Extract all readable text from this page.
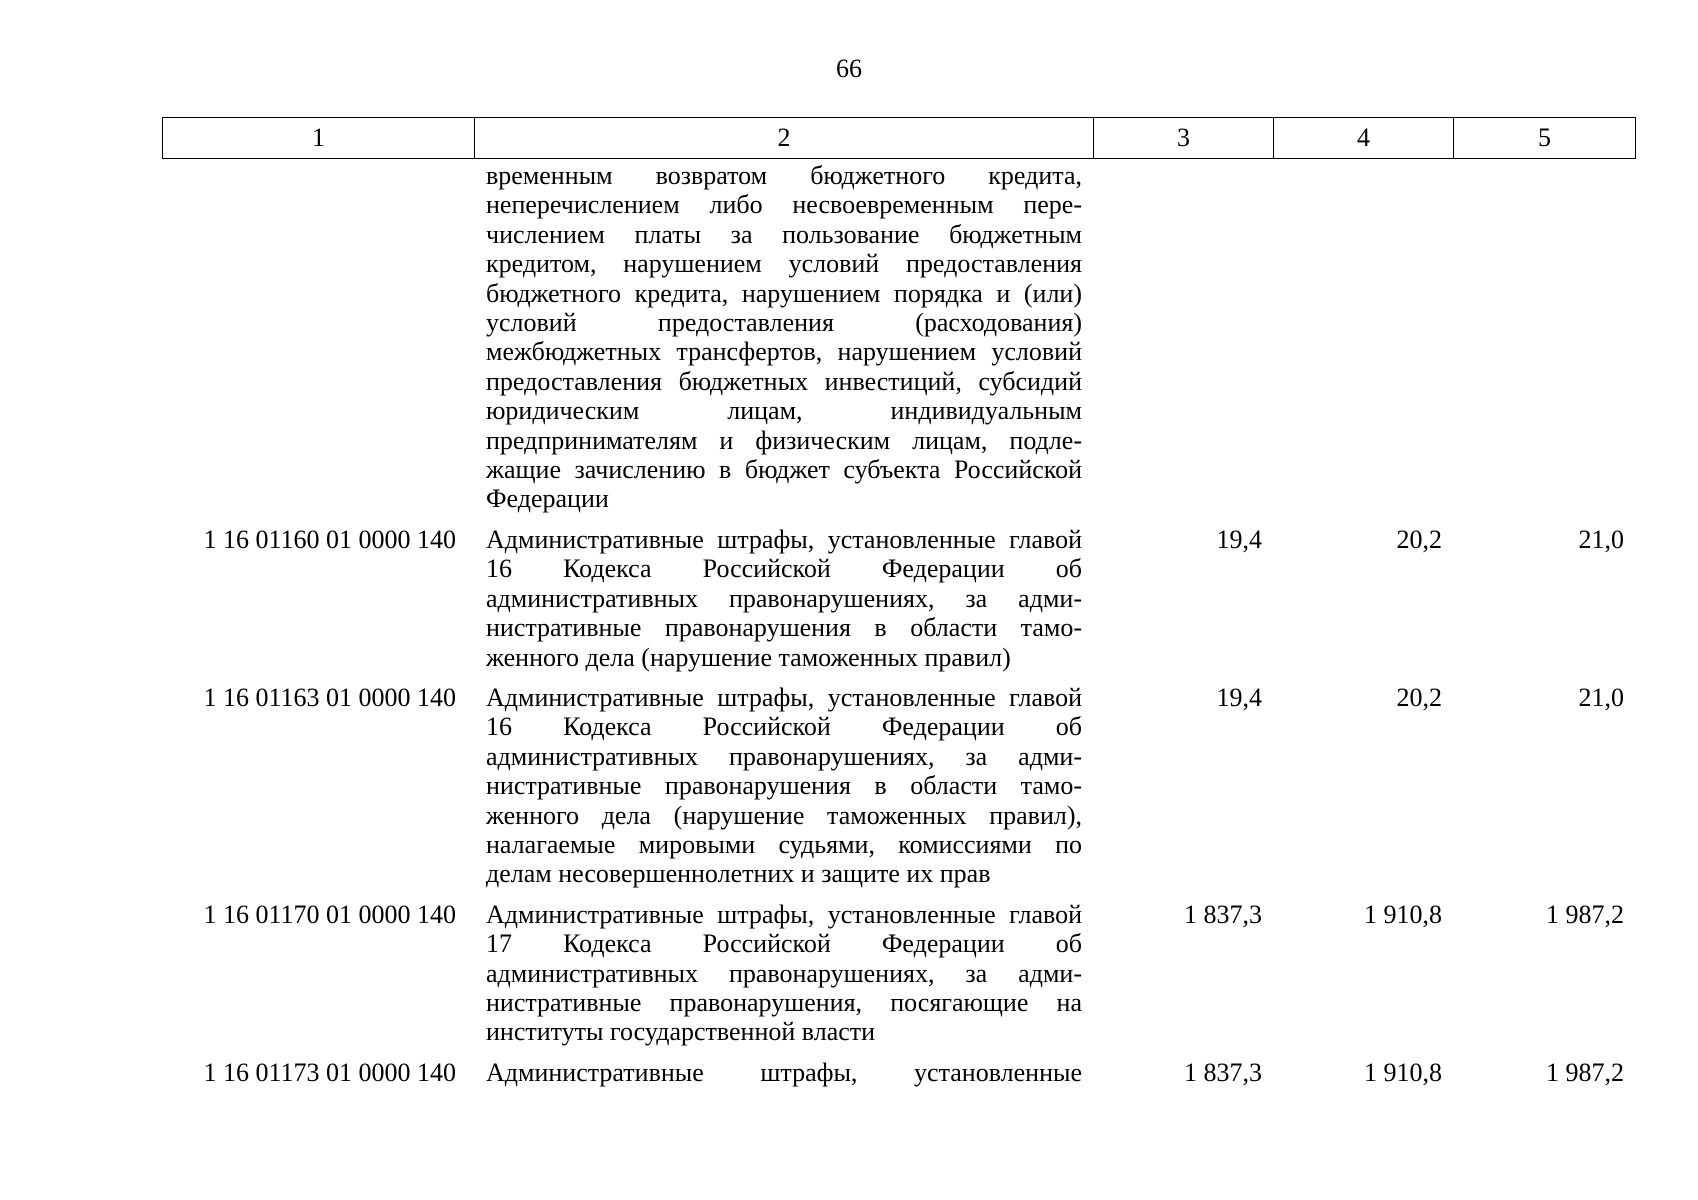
66
1	2	3	4	5
	временным возвратом бюджетного кредита, неперечислением либо несвоевременным перечислением платы за пользование бюджетным кредитом, нарушением условий предоставления бюджетного кредита, нарушением порядка и (или) условий предоставления (расходования) межбюджетных трансфертов, нарушением условий предоставления бюджетных инвестиций, субсидий юридическим лицам, индивидуальным предпринимателям и физическим лицам, подлежащие зачислению в бюджет субъекта Российской Федерации			
1 16 01160 01 0000 140	Административные штрафы, установленные главой 16 Кодекса Российской Федерации об административных правонарушениях, за административные правонарушения в области таможенного дела (нарушение таможенных правил)	19,4	20,2	21,0
1 16 01163 01 0000 140	Административные штрафы, установленные главой 16 Кодекса Российской Федерации об административных правонарушениях, за административные правонарушения в области таможенного дела (нарушение таможенных правил), налагаемые мировыми судьями, комиссиями по делам несовершеннолетних и защите их прав	19,4	20,2	21,0
1 16 01170 01 0000 140	Административные штрафы, установленные главой 17 Кодекса Российской Федерации об административных правонарушениях, за административные правонарушения, посягающие на институты государственной власти	1 837,3	1 910,8	1 987,2
1 16 01173 01 0000 140	Административные штрафы, установленные	1 837,3	1 910,8	1 987,2
